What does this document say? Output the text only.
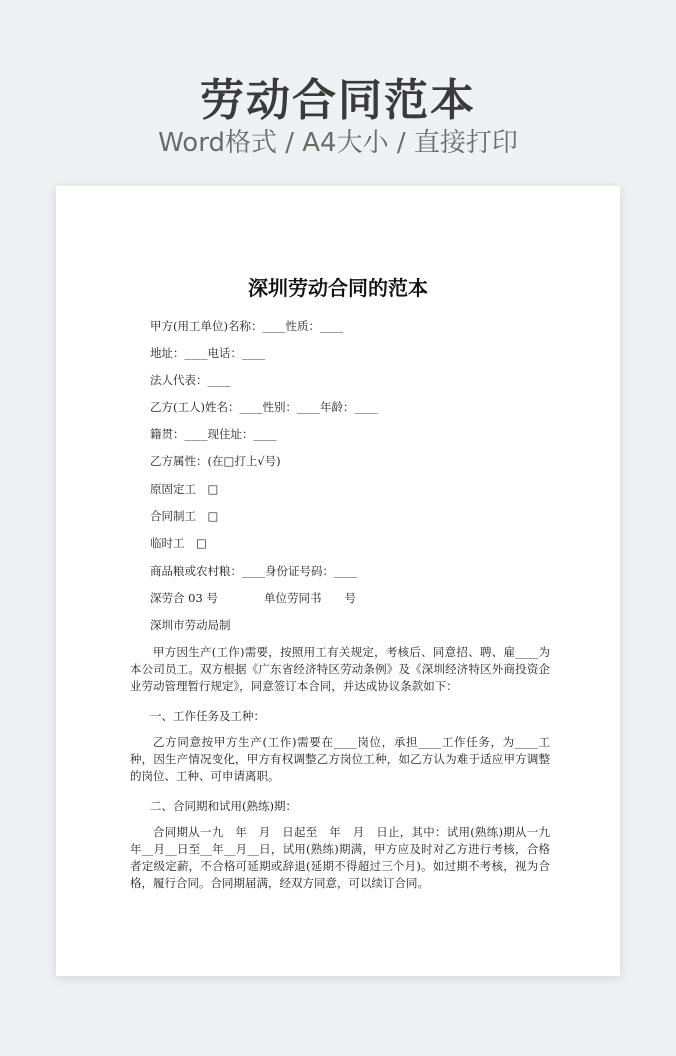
劳动合同范本
Word格式 / A4大小 / 直接打印
深圳劳动合同的范本
甲方(用工单位)名称：____性质：____
地址：____电话：____
法人代表：____
乙方(工人)姓名：____性别：____年龄：____
籍贯：____现住址：____
乙方属性：(在□打上√号)
原固定工　□
合同制工　□
临时工　□
商品粮或农村粮：____身份证号码：____
深劳合 03 号　　　　单位劳同书　　号
深圳市劳动局制
甲方因生产(工作)需要，按照用工有关规定，考核后、同意招、聘、雇____为本公司员工。双方根据《广东省经济特区劳动条例》及《深圳经济特区外商投资企业劳动管理暂行规定》，同意签订本合同，并达成协议条款如下：
一、工作任务及工种：
乙方同意按甲方生产(工作)需要在____岗位，承担____工作任务，为____工种，因生产情况变化，甲方有权调整乙方岗位工种，如乙方认为难于适应甲方调整的岗位、工种、可申请离职。
二、合同期和试用(熟练)期：
合同期从一九　年　月　日起至　年　月　日止，其中：试用(熟练)期从一九　年__月__日至__年__月__日，试用(熟练)期满，甲方应及时对乙方进行考核，合格者定级定薪，不合格可延期或辞退(延期不得超过三个月)。如过期不考核，视为合格，履行合同。合同期届满，经双方同意，可以续订合同。
